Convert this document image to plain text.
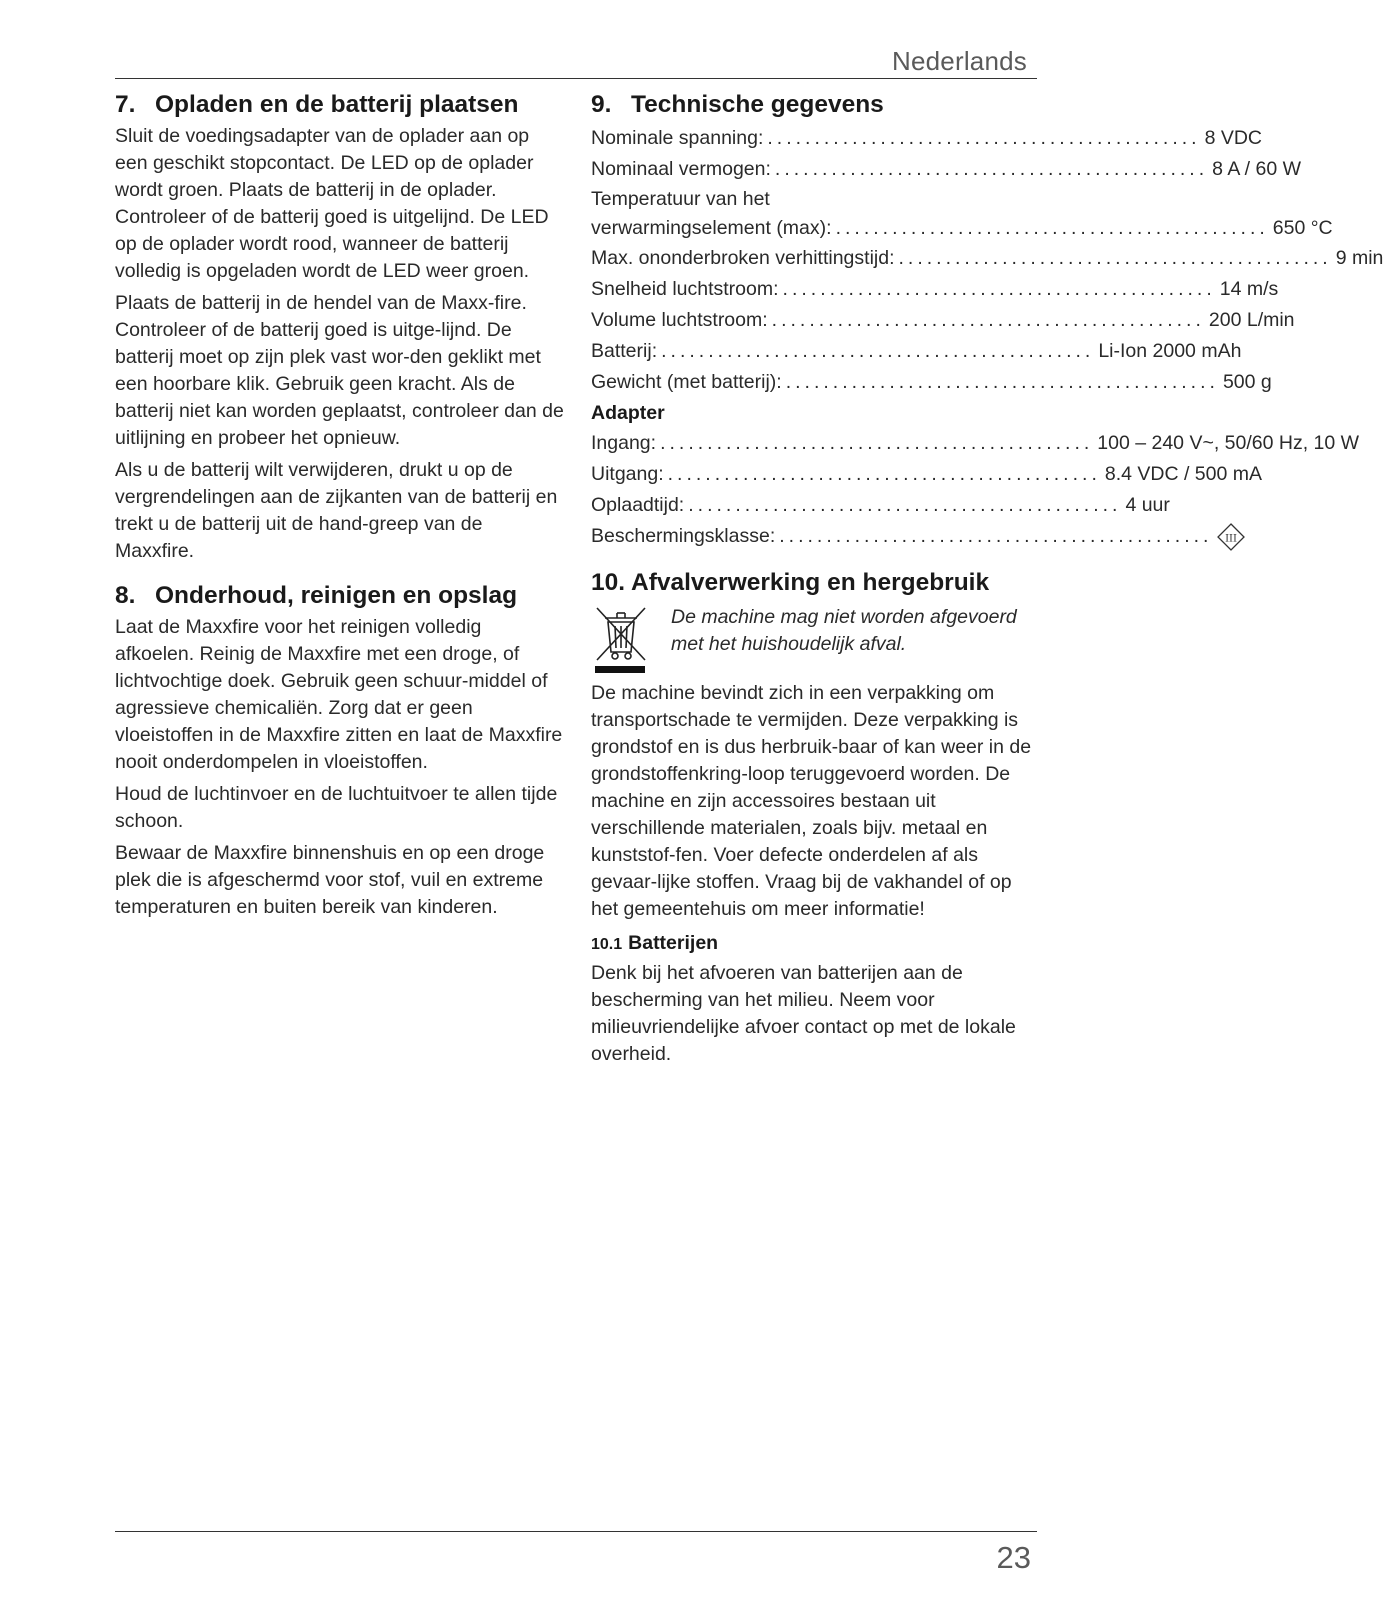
Nederlands
7. Opladen en de batterij plaatsen

Sluit de voedingsadapter van de oplader aan op een geschikt stopcontact. De LED op de oplader wordt groen. Plaats de batterij in de oplader. Controleer of de batterij goed is uitgelijnd. De LED op de oplader wordt rood, wanneer de batterij volledig is opgeladen wordt de LED weer groen.

Plaats de batterij in de hendel van de Maxx-fire. Controleer of de batterij goed is uitge-lijnd. De batterij moet op zijn plek vast wor-den geklikt met een hoorbare klik. Gebruik geen kracht. Als de batterij niet kan worden geplaatst, controleer dan de uitlijning en probeer het opnieuw.

Als u de batterij wilt verwijderen, drukt u op de vergrendelingen aan de zijkanten van de batterij en trekt u de batterij uit de hand-greep van de Maxxfire.

8. Onderhoud, reinigen en opslag

Laat de Maxxfire voor het reinigen volledig afkoelen. Reinig de Maxxfire met een droge, of lichtvochtige doek. Gebruik geen schuur-middel of agressieve chemicaliën. Zorg dat er geen vloeistoffen in de Maxxfire zitten en laat de Maxxfire nooit onderdompelen in vloeistoffen.

Houd de luchtinvoer en de luchtuitvoer te allen tijde schoon.

Bewaar de Maxxfire binnenshuis en op een droge plek die is afgeschermd voor stof, vuil en extreme temperaturen en buiten bereik van kinderen.

9. Technische gegevens
Nominale spanning: .............................................. 8 VDC
Nominaal vermogen: .............................................. 8 A / 60 W
Temperatuur van het
verwarmingselement (max): .............................................. 650 °C
Max. ononderbroken verhittingstijd: .............................................. 9 min
Snelheid luchtstroom: .............................................. 14 m/s
Volume luchtstroom: .............................................. 200 L/min
Batterij: .............................................. Li-Ion 2000 mAh
Gewicht (met batterij): .............................................. 500 g
Adapter
Ingang: .............................................. 100 – 240 V~, 50/60 Hz, 10 W
Uitgang: .............................................. 8.4 VDC / 500 mA
Oplaadtijd: .............................................. 4 uur
Beschermingsklasse: .............................................. III
10. Afvalverwerking en hergebruik
De machine mag niet worden afgevoerd met het huishoudelijk afval.

De machine bevindt zich in een verpakking om transportschade te vermijden. Deze verpakking is grondstof en is dus herbruik-baar of kan weer in de grondstoffenkring-loop teruggevoerd worden. De machine en zijn accessoires bestaan uit verschillende materialen, zoals bijv. metaal en kunststof-fen. Voer defecte onderdelen af als gevaar-lijke stoffen. Vraag bij de vakhandel of op het gemeentehuis om meer informatie!

10.1 Batterijen

Denk bij het afvoeren van batterijen aan de bescherming van het milieu. Neem voor milieuvriendelijke afvoer contact op met de lokale overheid.

23
